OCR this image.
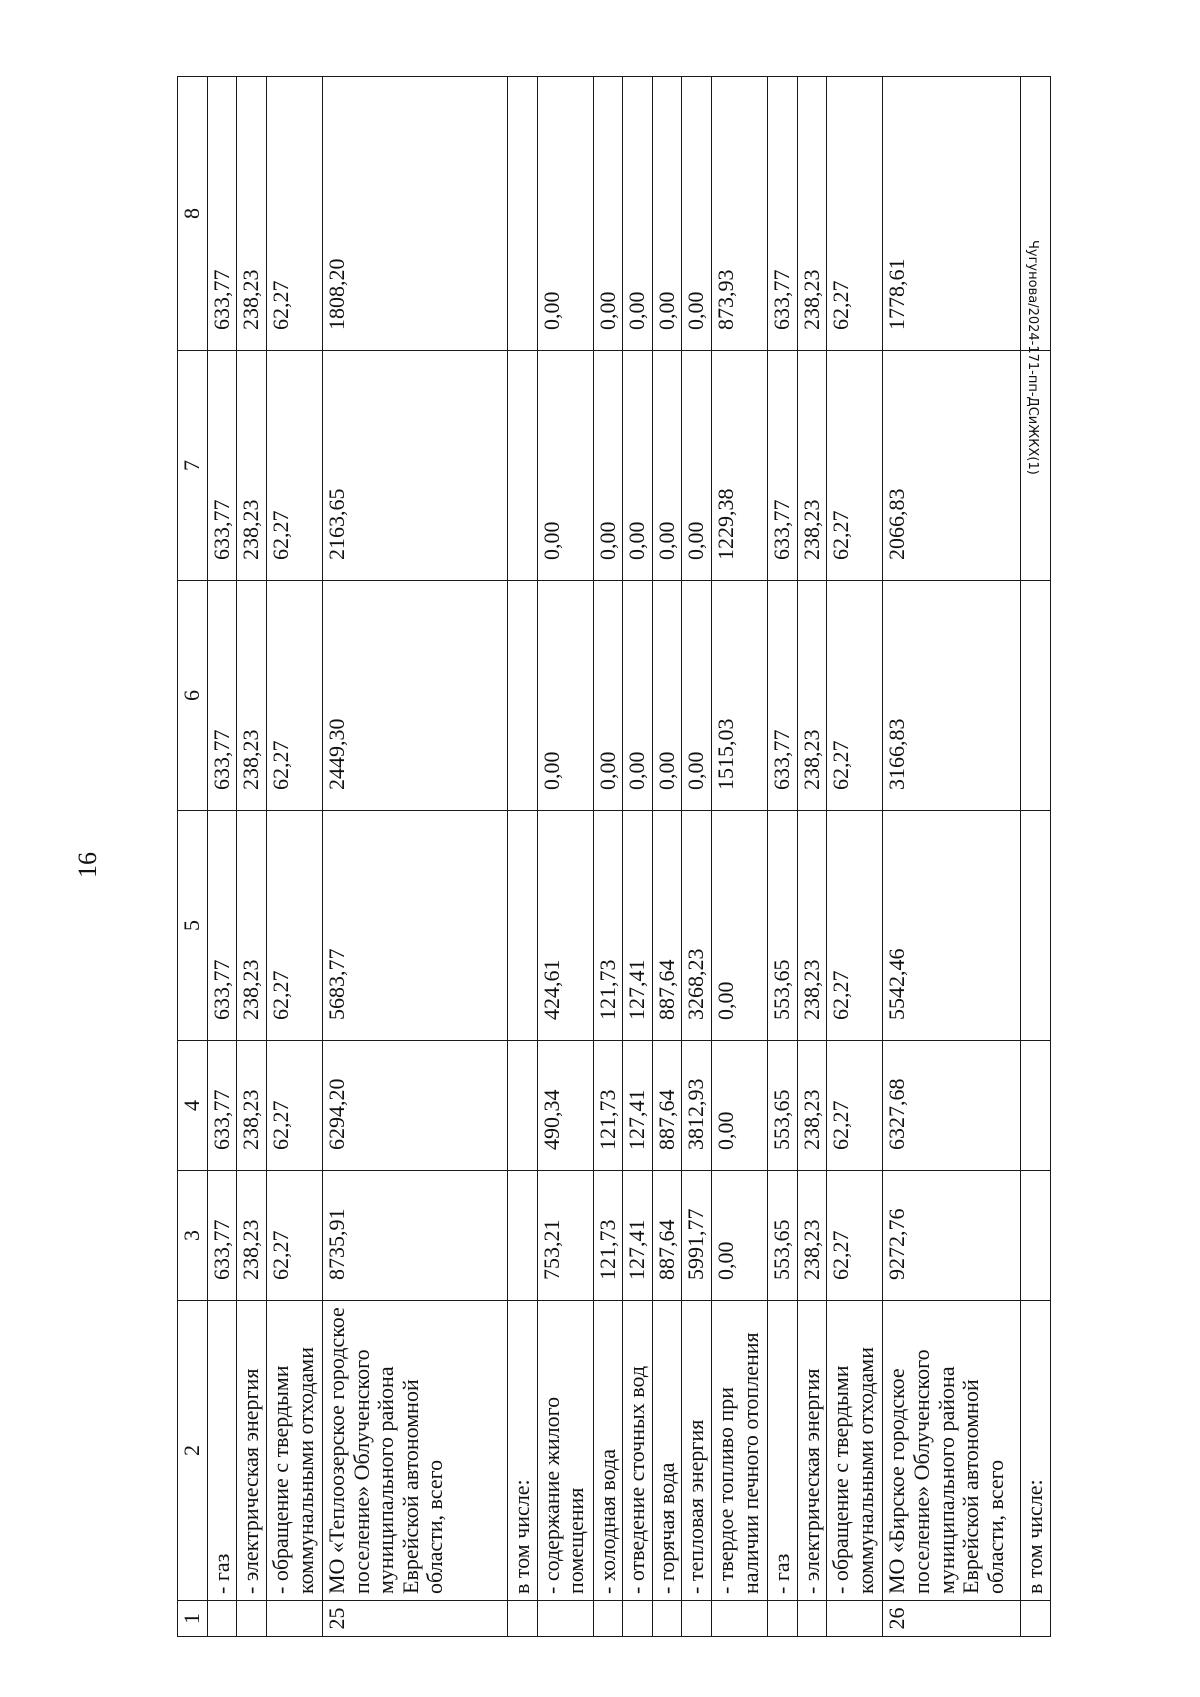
16
Чугунова/2024-171-пп-ДСиЖКХ(1)
1	2	3	4	5	6	7	8
	- газ	633,77	633,77	633,77	633,77	633,77	633,77
	- электрическая энергия	238,23	238,23	238,23	238,23	238,23	238,23
	- обращение с твердыми коммунальными отходами	62,27	62,27	62,27	62,27	62,27	62,27
25	МО «Теплоозерское городское поселение» Облученского муниципального района Еврейской автономной области, всего	8735,91	6294,20	5683,77	2449,30	2163,65	1808,20
	в том числе:						
	- содержание жилого помещения	753,21	490,34	424,61	0,00	0,00	0,00
	- холодная вода	121,73	121,73	121,73	0,00	0,00	0,00
	- отведение сточных вод	127,41	127,41	127,41	0,00	0,00	0,00
	- горячая вода	887,64	887,64	887,64	0,00	0,00	0,00
	- тепловая энергия	5991,77	3812,93	3268,23	0,00	0,00	0,00
	- твердое топливо при наличии печного отопления	0,00	0,00	0,00	1515,03	1229,38	873,93
	- газ	553,65	553,65	553,65	633,77	633,77	633,77
	- электрическая энергия	238,23	238,23	238,23	238,23	238,23	238,23
	- обращение с твердыми коммунальными отходами	62,27	62,27	62,27	62,27	62,27	62,27
26	МО «Бирское городское поселение» Облученского муниципального района Еврейской автономной области, всего	9272,76	6327,68	5542,46	3166,83	2066,83	1778,61
	в том числе:						
